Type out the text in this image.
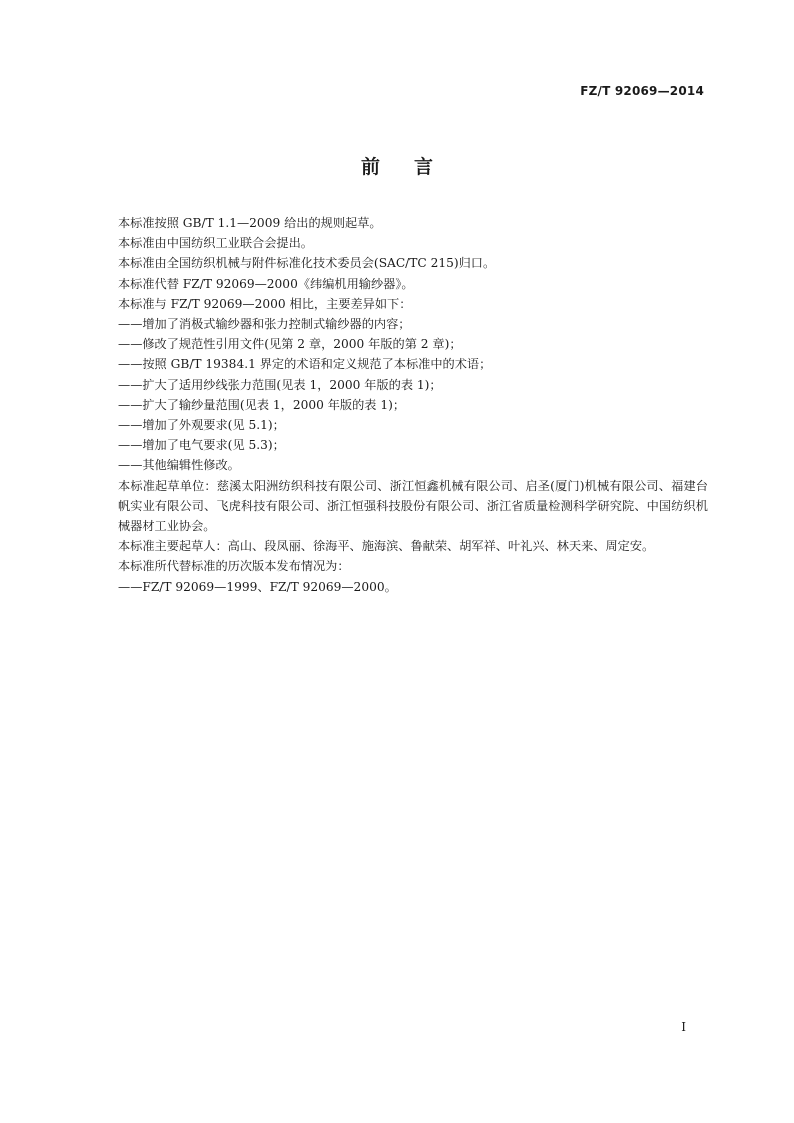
FZ/T 92069—2014
前言

本标准按照 GB/T 1.1—2009 给出的规则起草。

本标准由中国纺织工业联合会提出。

本标准由全国纺织机械与附件标准化技术委员会(SAC/TC 215)归口。

本标准代替 FZ/T 92069—2000《纬编机用输纱器》。

本标准与 FZ/T 92069—2000 相比，主要差异如下：

——增加了消极式输纱器和张力控制式输纱器的内容；

——修改了规范性引用文件(见第 2 章，2000 年版的第 2 章)；

——按照 GB/T 19384.1 界定的术语和定义规范了本标准中的术语；

——扩大了适用纱线张力范围(见表 1，2000 年版的表 1)；

——扩大了输纱量范围(见表 1，2000 年版的表 1)；

——增加了外观要求(见 5.1)；

——增加了电气要求(见 5.3)；

——其他编辑性修改。

本标准起草单位：慈溪太阳洲纺织科技有限公司、浙江恒鑫机械有限公司、启圣(厦门)机械有限公司、福建台帆实业有限公司、飞虎科技有限公司、浙江恒强科技股份有限公司、浙江省质量检测科学研究院、中国纺织机械器材工业协会。

本标准主要起草人：高山、段凤丽、徐海平、施海滨、鲁献荣、胡军祥、叶礼兴、林天来、周定安。

本标准所代替标准的历次版本发布情况为：

——FZ/T 92069—1999、FZ/T 92069—2000。

I
